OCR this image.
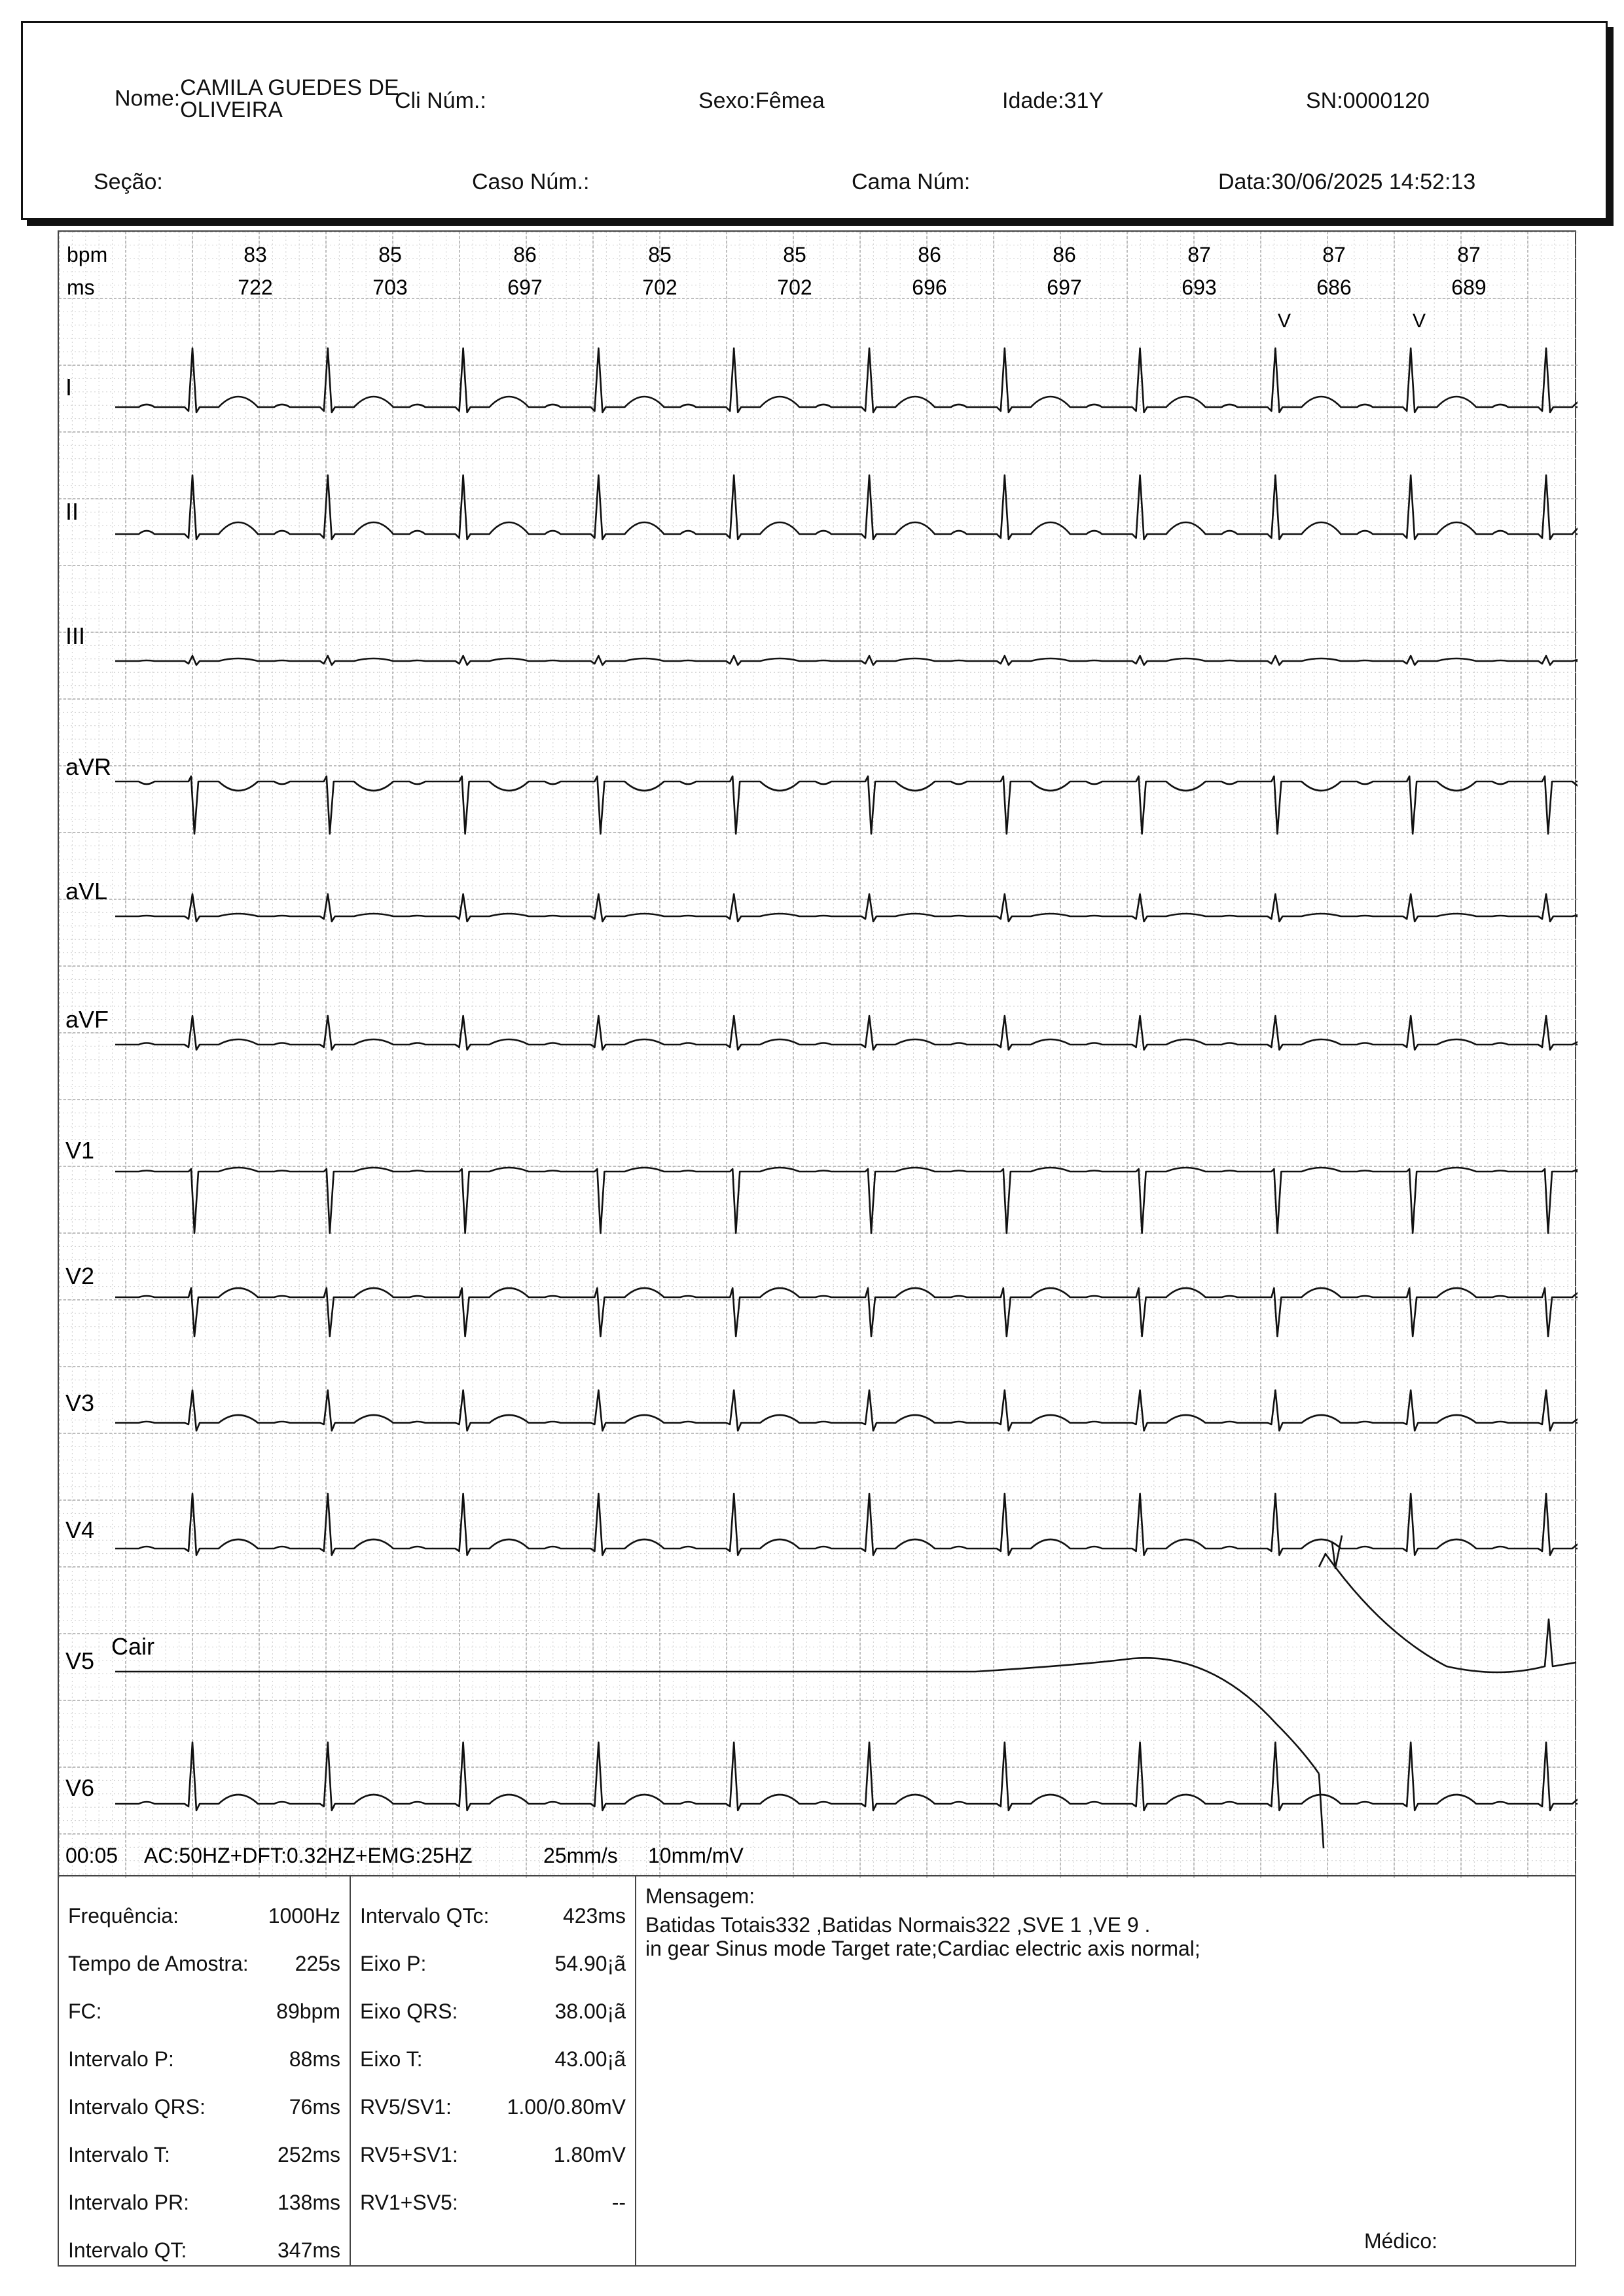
Nome:CAMILA GUEDES DE
OLIVEIRA	Cli Núm.:	Sexo:Fêmea	Idade:31Y	SN:0000120
Seção:	Caso Núm.:	Cama Núm:	Data:30/06/2025 14:52:13
bpm
ms
83	85	86	85	85	86	86	87	87	87
722	703	697	702	702	696	697	693	686	689
V	V
I
II
III
aVR
aVL
aVF
V1
V2
V3
V4
V5
Cair
V6
00:05 AC:50HZ+DFT:0.32HZ+EMG:25HZ	25mm/s 10mm/mV
Frequência:	1000Hz
Tempo de Amostra: 225s
FC:	89bpm
Intervalo P:	88ms
Intervalo QRS:	76ms
Intervalo T:	252ms
Intervalo PR:	138ms
Intervalo QT:	347ms
Intervalo QTc:	423ms
Eixo P:	54.90¡ã
Eixo QRS:	38.00¡ã
Eixo T:	43.00¡ã
RV5/SV1:	1.00/0.80mV
RV5+SV1:	1.80mV
RV1+SV5:	--
Mensagem:
Batidas Totais332 ,Batidas Normais322 ,SVE 1 ,VE 9 .
in gear Sinus mode Target rate;Cardiac electric axis normal;
Médico:
